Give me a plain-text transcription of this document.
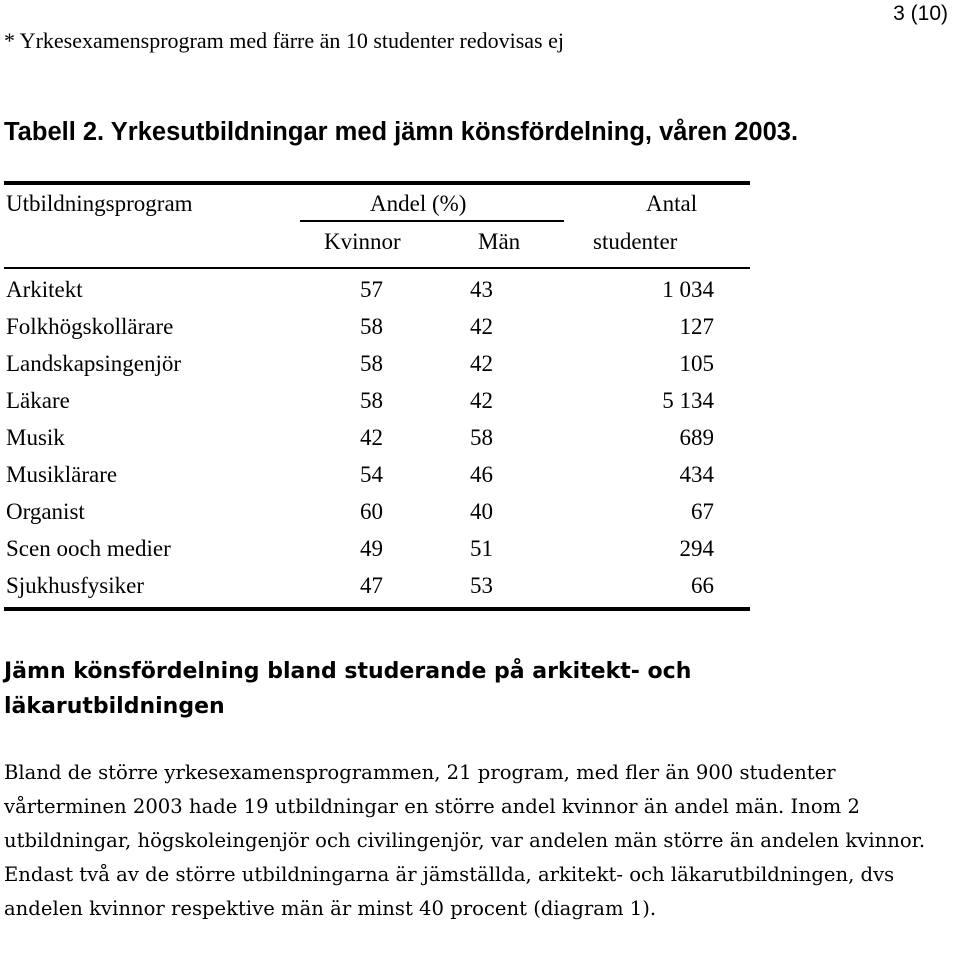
3 (10)
* Yrkesexamensprogram med färre än 10 studenter redovisas ej
Tabell 2. Yrkesutbildningar med jämn könsfördelning, våren 2003.
Utbildningsprogram	Andel (%)	Antal
Kvinnor	Män	studenter
Arkitekt	57	43	1 034
Folkhögskollärare	58	42	127
Landskapsingenjör	58	42	105
Läkare	58	42	5 134
Musik	42	58	689
Musiklärare	54	46	434
Organist	60	40	67
Scen ooch medier	49	51	294
Sjukhusfysiker	47	53	66
Jämn könsfördelning bland studerande på arkitekt- och läkarutbildningen
Bland de större yrkesexamensprogrammen, 21 program, med fler än 900 studenter vårterminen 2003 hade 19 utbildningar en större andel kvinnor än andel män. Inom 2 utbildningar, högskoleingenjör och civilingenjör, var andelen män större än andelen kvinnor. Endast två av de större utbildningarna är jämställda, arkitekt- och läkarutbildningen, dvs andelen kvinnor respektive män är minst 40 procent (diagram 1).
